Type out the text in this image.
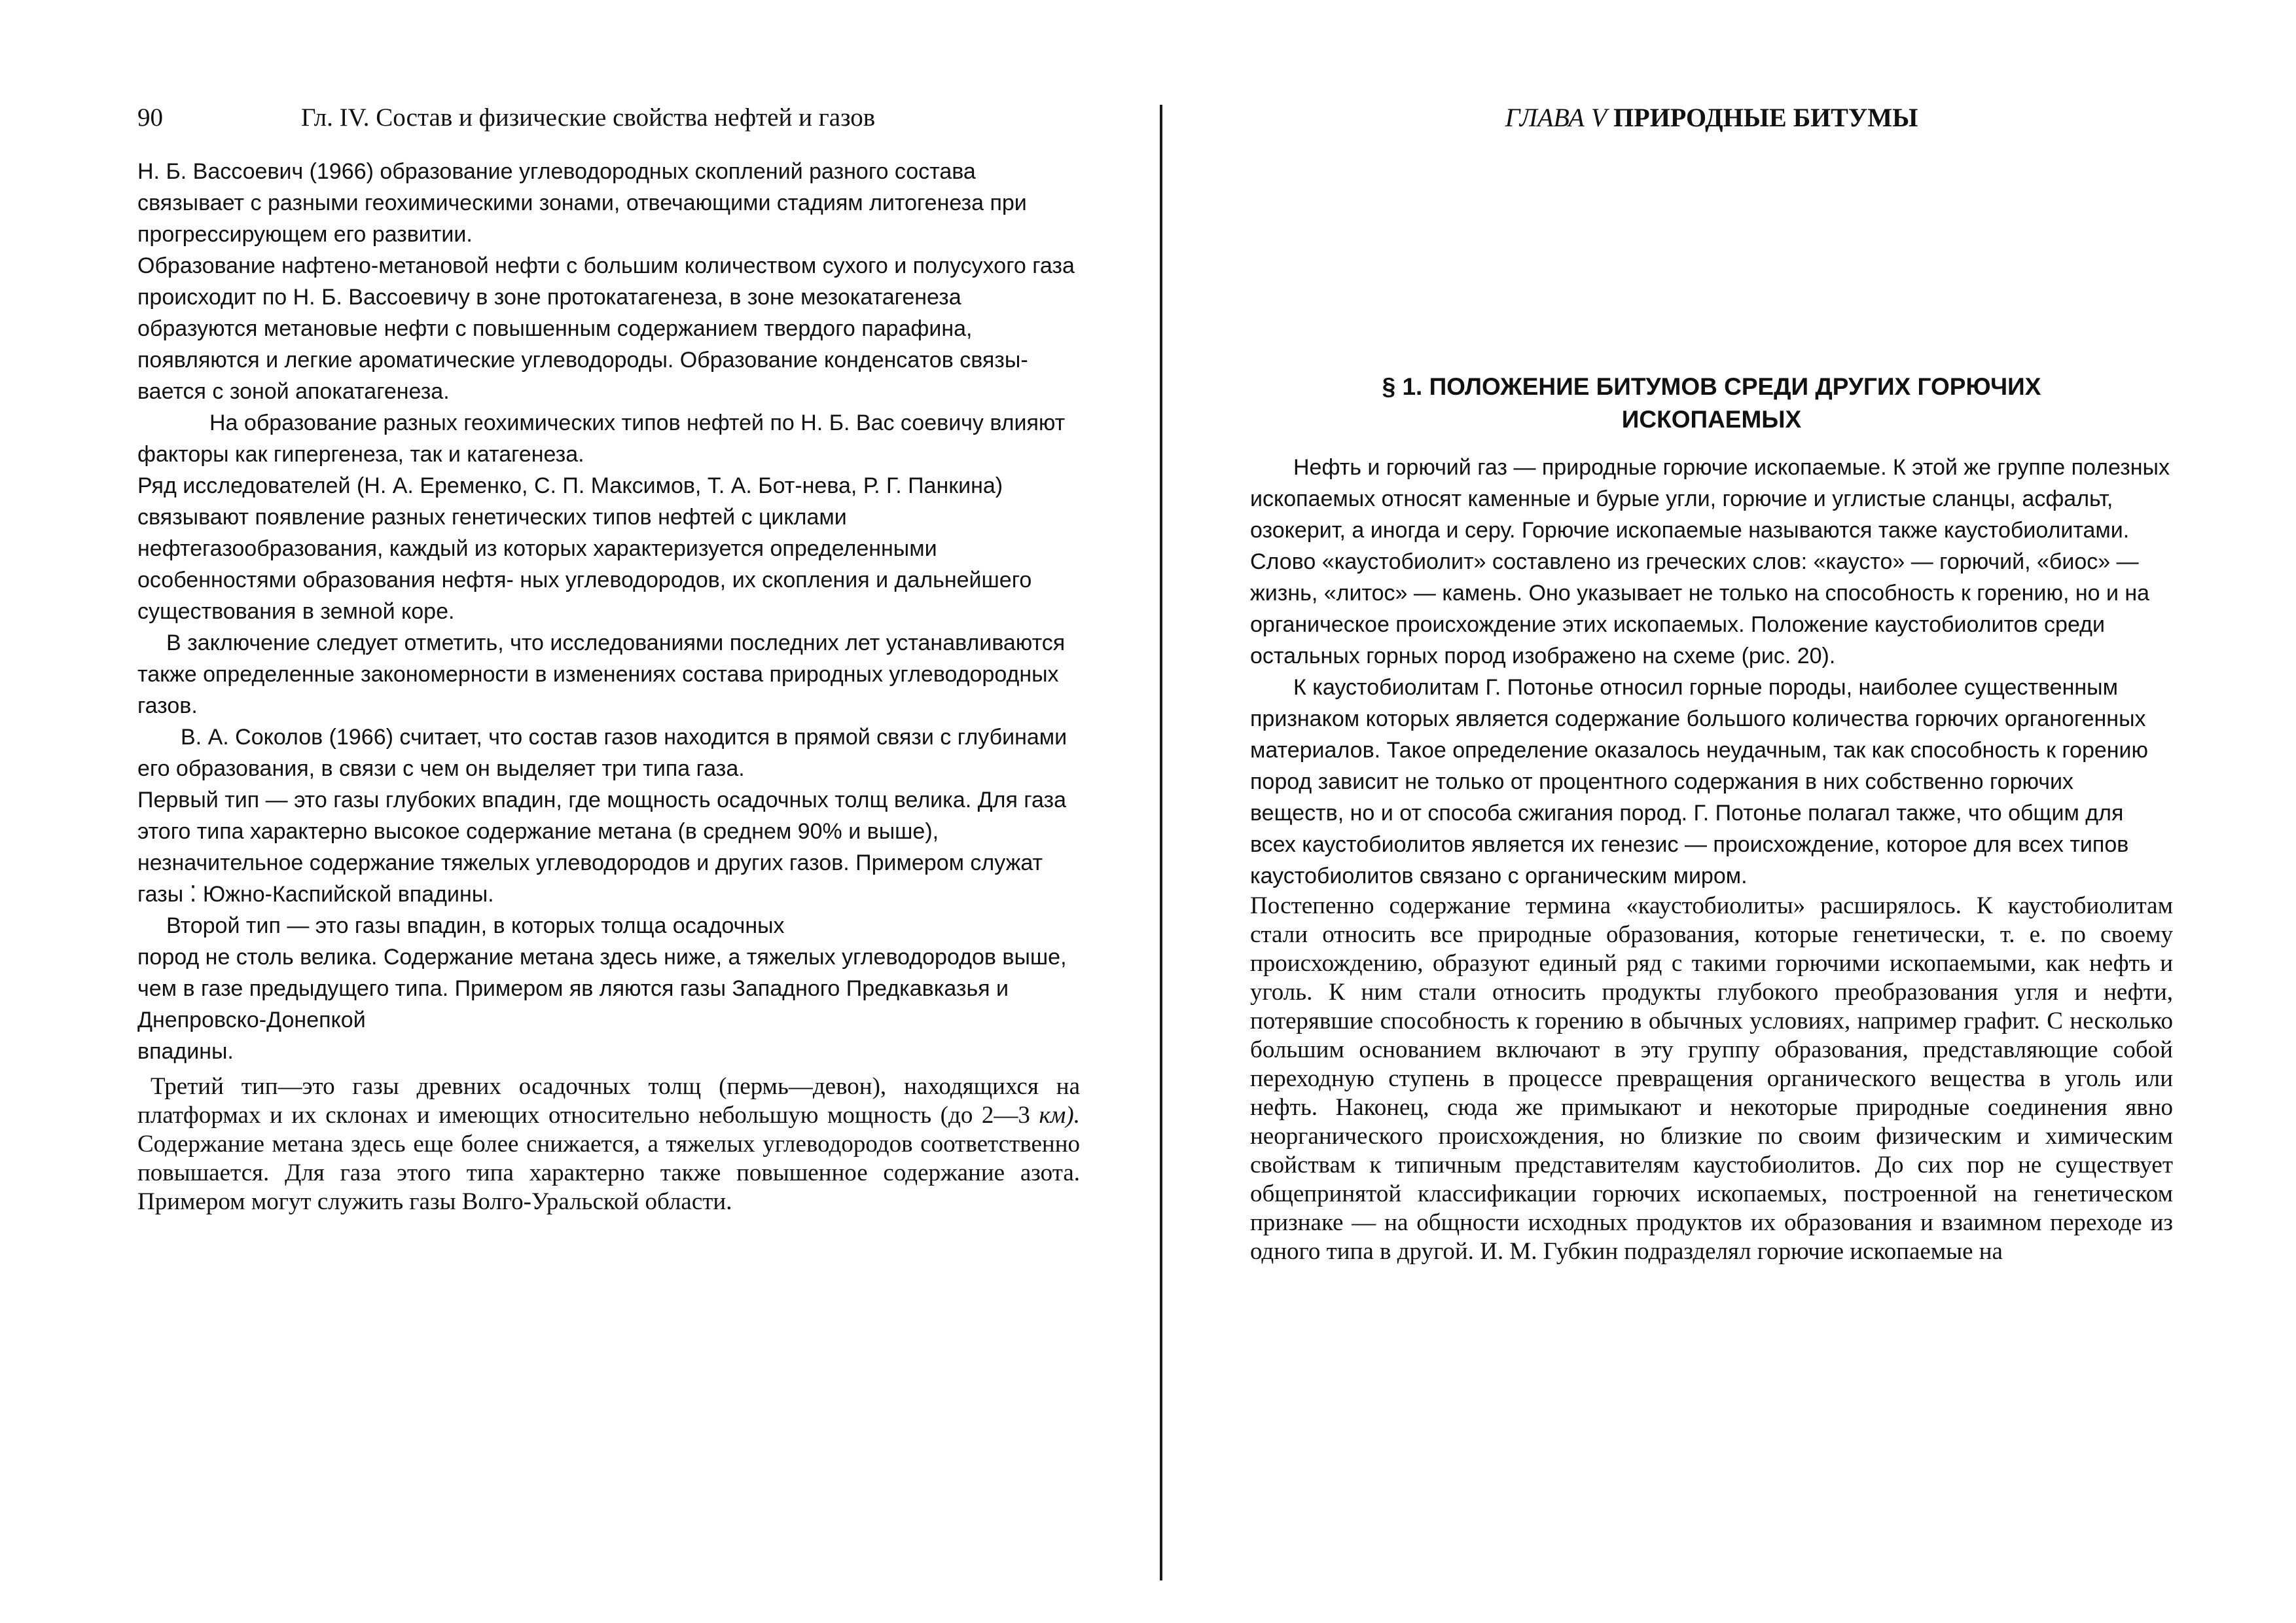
90	Гл. IV. Состав и физические свойства нефтей и газов

Н. Б. Вассоевич (1966) образование углеводородных скоплений разного состава связывает с разными геохимическими зонами, отвечающими стадиям литогенеза при прогрессирующем его развитии.

Образование нафтено-метановой нефти с большим количеством сухого и полусухого газа происходит по Н. Б. Вассоевичу в зоне протокатагенеза, в зоне мезокатагенеза образуются метановые нефти с повышенным содержанием твердого парафина, появляются и легкие ароматические углеводороды. Образование конденсатов связы-вается с зоной апокатагенеза.

На образование разных геохимических типов нефтей по Н. Б. Вас соевичу влияют факторы как гипергенеза, так и катагенеза.

Ряд исследователей (Н. А. Еременко, С. П. Максимов, Т. А. Бот-нева, Р. Г. Панкина) связывают появление разных генетических типов нефтей с циклами нефтегазообразования, каждый из которых характеризуется определенными особенностями образования нефтя- ных углеводородов, их скопления и дальнейшего существования в земной коре.

В заключение следует отметить, что исследованиями последних лет устанавливаются также определенные закономерности в изменениях состава природных углеводородных газов.

В. А. Соколов (1966) считает, что состав газов находится в прямой связи с глубинами его образования, в связи с чем он выделяет три типа газа.

Первый тип — это газы глубоких впадин, где мощность осадочных толщ велика. Для газа этого типа характерно высокое содержание метана (в среднем 90% и выше), незначительное содержание тяжелых углеводородов и других газов. Примером служат газы ⁚ Южно-Каспийской впадины.

Второй тип — это газы впадин, в которых толща осадочных

пород не столь велика. Содержание метана здесь ниже, а тяжелых углеводородов выше, чем в газе предыдущего типа. Примером яв ляются газы Западного Предкавказья и Днепровско-Донепкой

впадины.

Третий тип—это газы древних осадочных толщ (пермь—девон), находящихся на платформах и их склонах и имеющих относительно небольшую мощность (до 2—3 км). Содержание метана здесь еще более снижается, а тяжелых углеводородов соответственно повышается. Для газа этого типа характерно также повышенное содержание азота. Примером могут служить газы Волго-Уральской области.

ГЛАВА V ПРИРОДНЫЕ БИТУМЫ
§ 1. ПОЛОЖЕНИЕ БИТУМОВ СРЕДИ ДРУГИХ ГОРЮЧИХ
ИСКОПАЕМЫХ

Нефть и горючий газ — природные горючие ископаемые. К этой же группе полезных ископаемых относят каменные и бурые угли, горючие и углистые сланцы, асфальт, озокерит, а иногда и серу. Горючие ископаемые называются также каустобиолитами. Слово «каустобиолит» составлено из греческих слов: «каусто» — горючий, «биос» — жизнь, «литос» — камень. Оно указывает не только на способность к горению, но и на органическое происхождение этих ископаемых. Положение каустобиолитов среди остальных горных пород изображено на схеме (рис. 20).

К каустобиолитам Г. Потонье относил горные породы, наиболее существенным признаком которых является содержание большого количества горючих органогенных материалов. Такое определение оказалось неудачным, так как способность к горению пород зависит не только от процентного содержания в них собственно горючих веществ, но и от способа сжигания пород. Г. Потонье полагал также, что общим для всех каустобиолитов является их генезис — происхождение, которое для всех типов каустобиолитов связано с органическим миром.

Постепенно содержание термина «каустобиолиты» расширялось. К каустобиолитам стали относить все природные образования, которые генетически, т. е. по своему происхождению, образуют единый ряд с такими горючими ископаемыми, как нефть и уголь. К ним стали относить продукты глубокого преобразования угля и нефти, потерявшие способность к горению в обычных условиях, например графит. С несколько большим основанием включают в эту группу образования, представляющие собой переходную ступень в процессе превращения органического вещества в уголь или нефть. Наконец, сюда же примыкают и некоторые природные соединения явно неорганического происхождения, но близкие по своим физическим и химическим свойствам к типичным представителям каустобиолитов. До сих пор не существует общепринятой классификации горючих ископаемых, построенной на генетическом признаке — на общности исходных продуктов их образования и взаимном переходе из одного типа в другой. И. М. Губкин подразделял горючие ископаемые на
